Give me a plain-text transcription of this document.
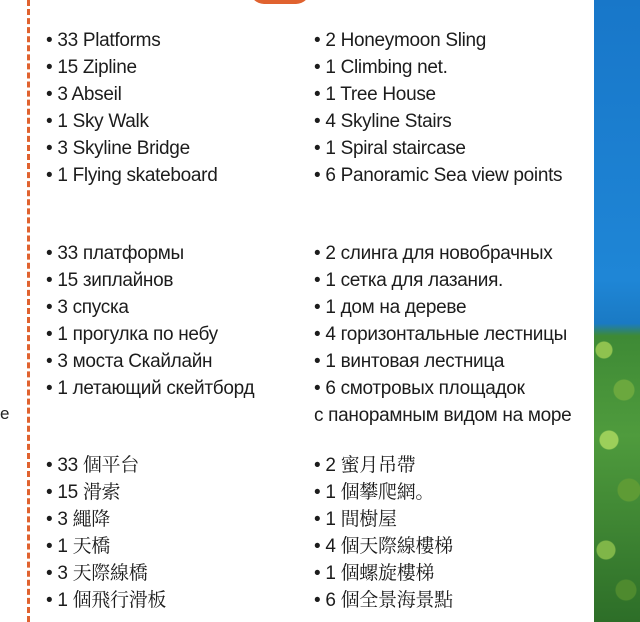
e
• 33 Platforms
• 15 Zipline
• 3 Abseil
• 1 Sky Walk
• 3 Skyline Bridge
• 1 Flying skateboard
• 2 Honeymoon Sling
• 1 Climbing net.
• 1 Tree House
• 4 Skyline Stairs
• 1 Spiral staircase
• 6 Panoramic Sea view points
• 33 платформы
• 15 зиплайнов
• 3 спуска
• 1 прогулка по небу
• 3 моста Скайлайн
• 1 летающий скейтборд
• 2 слинга для новобрачных
• 1 сетка для лазания.
• 1 дом на дереве
• 4 горизонтальные лестницы
• 1 винтовая лестница
• 6 смотровых площадок
с панорамным видом на море
• 33 個平台
• 15 滑索
• 3 繩降
• 1 天橋
• 3 天際線橋
• 1 個飛行滑板
• 2 蜜月吊帶
• 1 個攀爬網。
• 1 間樹屋
• 4 個天際線樓梯
• 1 個螺旋樓梯
• 6 個全景海景點
